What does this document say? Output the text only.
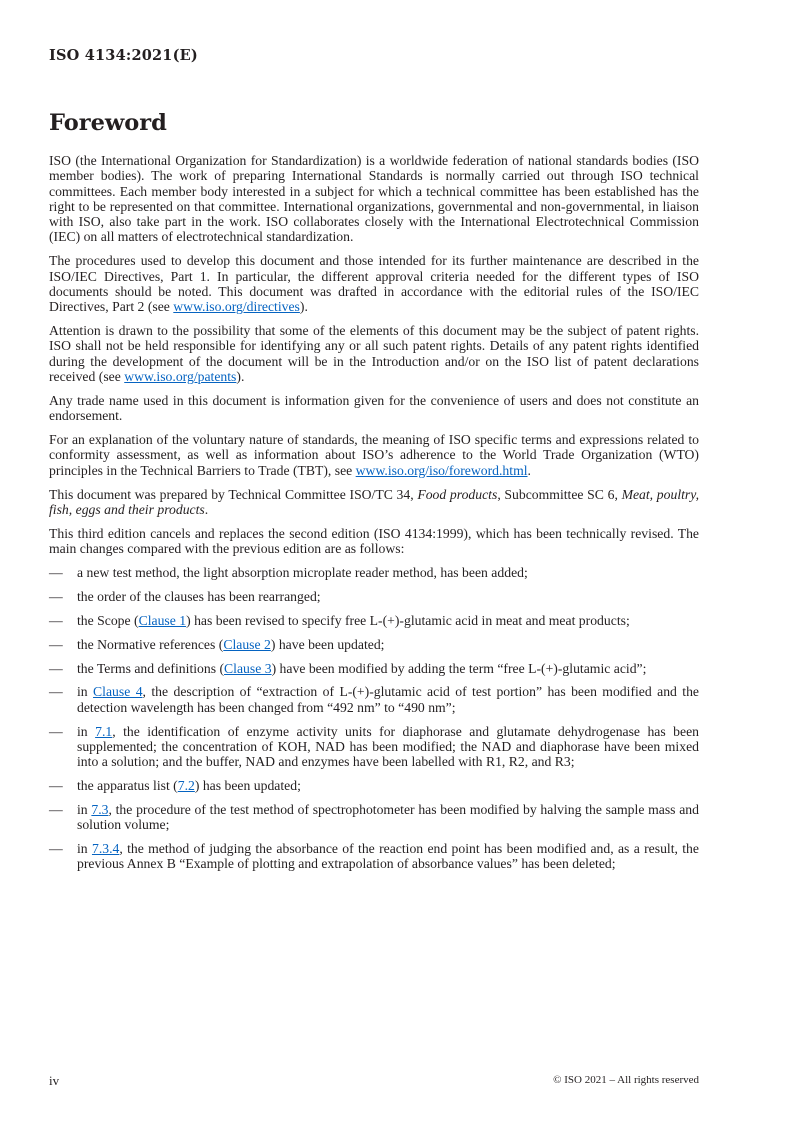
ISO 4134:2021(E)
Foreword

ISO (the International Organization for Standardization) is a worldwide federation of national standards bodies (ISO member bodies). The work of preparing International Standards is normally carried out through ISO technical committees. Each member body interested in a subject for which a technical committee has been established has the right to be represented on that committee. International organizations, governmental and non-governmental, in liaison with ISO, also take part in the work. ISO collaborates closely with the International Electrotechnical Commission (IEC) on all matters of electrotechnical standardization.

The procedures used to develop this document and those intended for its further maintenance are described in the ISO/IEC Directives, Part 1. In particular, the different approval criteria needed for the different types of ISO documents should be noted. This document was drafted in accordance with the editorial rules of the ISO/IEC Directives, Part 2 (see www.iso.org/directives).

Attention is drawn to the possibility that some of the elements of this document may be the subject of patent rights. ISO shall not be held responsible for identifying any or all such patent rights. Details of any patent rights identified during the development of the document will be in the Introduction and/or on the ISO list of patent declarations received (see www.iso.org/patents).

Any trade name used in this document is information given for the convenience of users and does not constitute an endorsement.

For an explanation of the voluntary nature of standards, the meaning of ISO specific terms and expressions related to conformity assessment, as well as information about ISO’s adherence to the World Trade Organization (WTO) principles in the Technical Barriers to Trade (TBT), see www.iso.org/iso/foreword.html.

This document was prepared by Technical Committee ISO/TC 34, Food products, Subcommittee SC 6, Meat, poultry, fish, eggs and their products.

This third edition cancels and replaces the second edition (ISO 4134:1999), which has been technically revised. The main changes compared with the previous edition are as follows:

— a new test method, the light absorption microplate reader method, has been added;
— the order of the clauses has been rearranged;
— the Scope (Clause 1) has been revised to specify free L-(+)-glutamic acid in meat and meat products;
— the Normative references (Clause 2) have been updated;
— the Terms and definitions (Clause 3) have been modified by adding the term “free L-(+)-glutamic acid”;
— in Clause 4, the description of “extraction of L-(+)-glutamic acid of test portion” has been modified and the detection wavelength has been changed from “492 nm” to “490 nm”;
— in 7.1, the identification of enzyme activity units for diaphorase and glutamate dehydrogenase has been supplemented; the concentration of KOH, NAD has been modified; the NAD and diaphorase have been mixed into a solution; and the buffer, NAD and enzymes have been labelled with R1, R2, and R3;
— the apparatus list (7.2) has been updated;
— in 7.3, the procedure of the test method of spectrophotometer has been modified by halving the sample mass and solution volume;
— in 7.3.4, the method of judging the absorbance of the reaction end point has been modified and, as a result, the previous Annex B “Example of plotting and extrapolation of absorbance values” has been deleted;
iv	© ISO 2021 – All rights reserved
